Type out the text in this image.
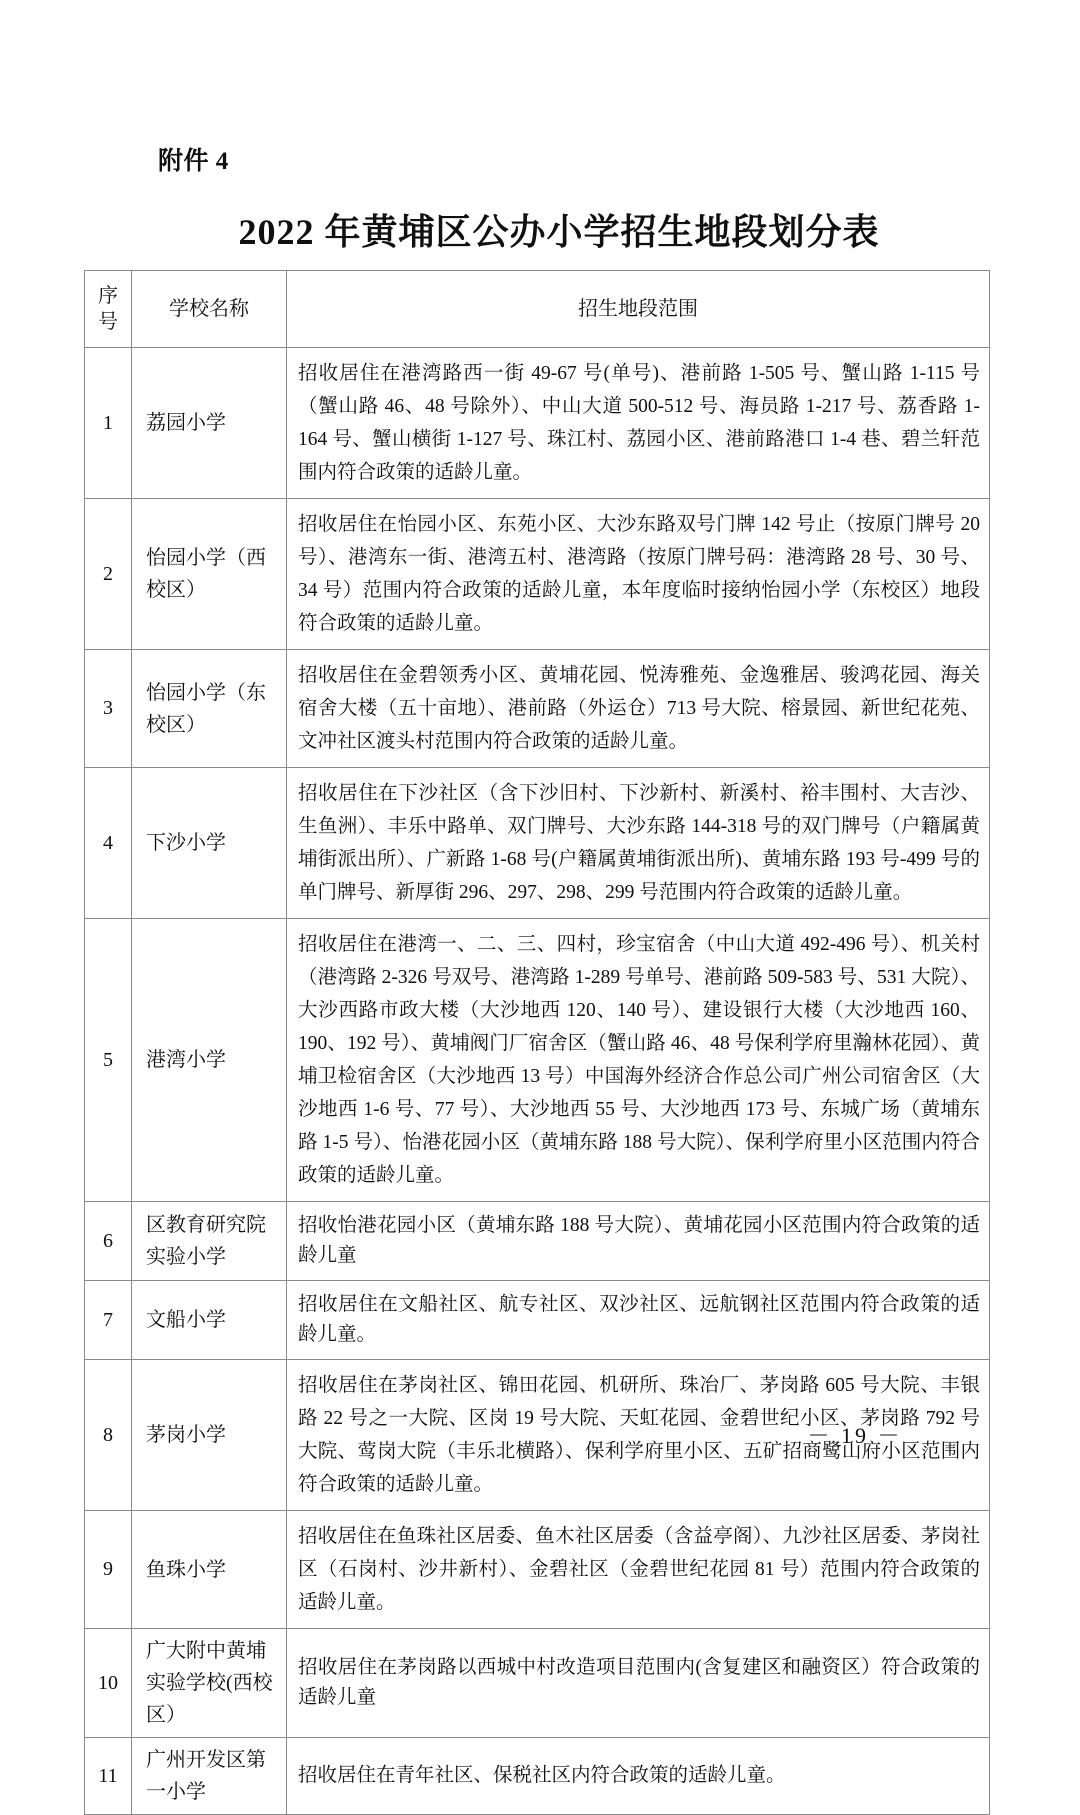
附件 4
2022 年黄埔区公办小学招生地段划分表
序号	学校名称	招生地段范围
1	荔园小学	招收居住在港湾路西一街 49-67 号(单号)、港前路 1-505 号、蟹山路 1-115 号 （蟹山路 46、48 号除外）、中山大道 500-512 号、海员路 1-217 号、荔香路 1-164 号、蟹山横街 1-127 号、珠江村、荔园小区、港前路港口 1-4 巷、碧兰轩范围内符合政策的适龄儿童。
2	怡园小学（西校区）	招收居住在怡园小区、东苑小区、大沙东路双号门牌 142 号止（按原门牌号 20 号）、港湾东一街、港湾五村、港湾路（按原门牌号码：港湾路 28 号、30 号、34 号）范围内符合政策的适龄儿童，本年度临时接纳怡园小学（东校区）地段符合政策的适龄儿童。
3	怡园小学（东校区）	招收居住在金碧领秀小区、黄埔花园、悦涛雅苑、金逸雅居、骏鸿花园、海关宿舍大楼（五十亩地）、港前路（外运仓）713 号大院、榕景园、新世纪花苑、文冲社区渡头村范围内符合政策的适龄儿童。
4	下沙小学	招收居住在下沙社区（含下沙旧村、下沙新村、新溪村、裕丰围村、大吉沙、生鱼洲）、丰乐中路单、双门牌号、大沙东路 144-318 号的双门牌号（户籍属黄埔街派出所）、广新路 1-68 号(户籍属黄埔街派出所)、黄埔东路 193 号-499 号的单门牌号、新厚街 296、297、298、299 号范围内符合政策的适龄儿童。
5	港湾小学	招收居住在港湾一、二、三、四村，珍宝宿舍（中山大道 492-496 号）、机关村（港湾路 2-326 号双号、港湾路 1-289 号单号、港前路 509-583 号、531 大院）、大沙西路市政大楼（大沙地西 120、140 号）、建设银行大楼（大沙地西 160、190、192 号）、黄埔阀门厂宿舍区（蟹山路 46、48 号保利学府里瀚林花园）、黄埔卫检宿舍区（大沙地西 13 号）中国海外经济合作总公司广州公司宿舍区（大沙地西 1-6 号、77 号）、大沙地西 55 号、大沙地西 173 号、东城广场（黄埔东路 1-5 号）、怡港花园小区（黄埔东路 188 号大院）、保利学府里小区范围内符合政策的适龄儿童。
6	区教育研究院实验小学	招收怡港花园小区（黄埔东路 188 号大院）、黄埔花园小区范围内符合政策的适龄儿童
7	文船小学	招收居住在文船社区、航专社区、双沙社区、远航钢社区范围内符合政策的适龄儿童。
8	茅岗小学	招收居住在茅岗社区、锦田花园、机研所、珠冶厂、茅岗路 605 号大院、丰银路 22 号之一大院、区岗 19 号大院、天虹花园、金碧世纪小区、茅岗路 792 号大院、莺岗大院（丰乐北横路）、保利学府里小区、五矿招商鹭山府小区范围内符合政策的适龄儿童。
9	鱼珠小学	招收居住在鱼珠社区居委、鱼木社区居委（含益亭阁）、九沙社区居委、茅岗社区（石岗村、沙井新村）、金碧社区（金碧世纪花园 81 号）范围内符合政策的适龄儿童。
10	广大附中黄埔实验学校(西校区）	招收居住在茅岗路以西城中村改造项目范围内(含复建区和融资区）符合政策的适龄儿童
11	广州开发区第一小学	招收居住在青年社区、保税社区内符合政策的适龄儿童。
－ 19 －
